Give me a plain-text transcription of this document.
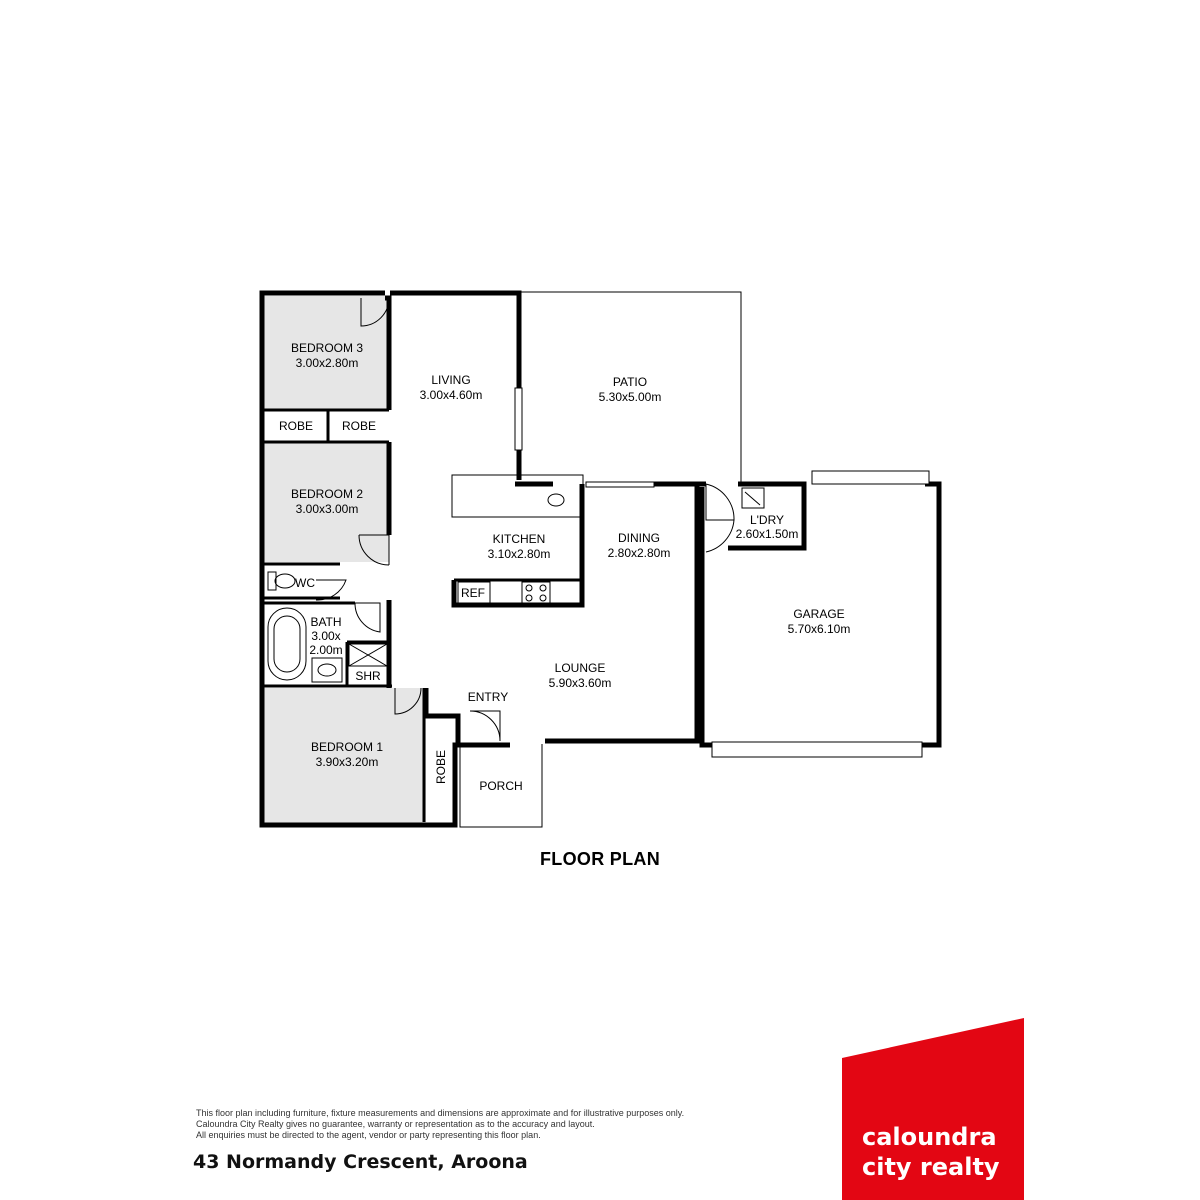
BEDROOM 3
3.00x2.80m
LIVING
3.00x4.60m
PATIO
5.30x5.00m
ROBE ROBE
BEDROOM 2
3.00x3.00m
KITCHEN
3.10x2.80m
DINING
2.80x2.80m
L'DRY
2.60x1.50m
WC
REF
GARAGE
5.70x6.10m
BATH
3.00x
2.00m
SHR
LOUNGE
5.90x3.60m
ENTRY
BEDROOM 1
3.90x3.20m	ROBE
PORCH
FLOOR PLAN
This floor plan including furniture, fixture measurements and dimensions are approximate and for illustrative purposes only.
Caloundra City Realty gives no guarantee, warranty or representation as to the accuracy and layout.
All enquiries must be directed to the agent, vendor or party representing this floor plan.
43 Normandy Crescent, Aroona
caloundra
city realty
